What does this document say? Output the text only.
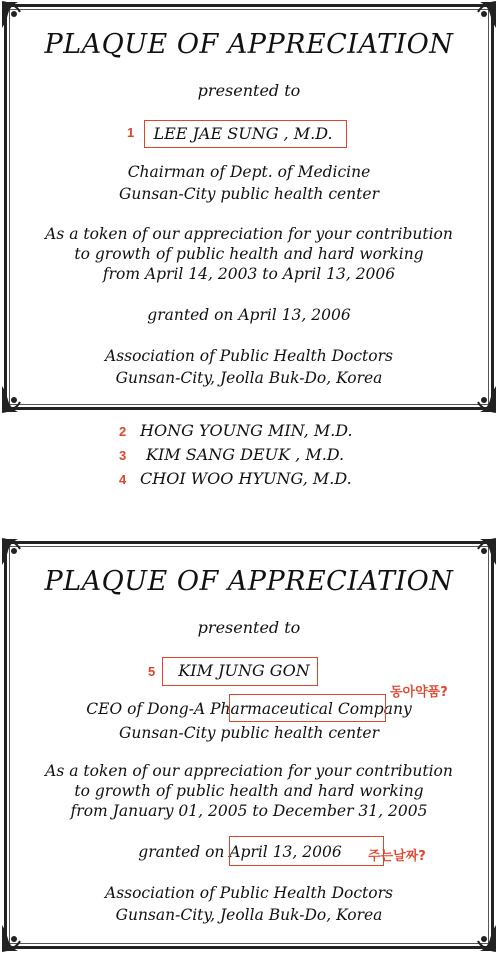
PLAQUE OF APPRECIATION
presented to
1	LEE JAE SUNG , M.D.
Chairman of Dept. of Medicine
Gunsan-City public health center
As a token of our appreciation for your contribution
to growth of public health and hard working
from April 14, 2003 to April 13, 2006
granted on April 13, 2006
Association of Public Health Doctors
Gunsan-City, Jeolla Buk-Do, Korea
2 HONG YOUNG MIN, M.D.
3 KIM SANG DEUK , M.D.
4 CHOI WOO HYUNG, M.D.
PLAQUE OF APPRECIATION
presented to
5	KIM JUNG GON
CEO of Dong-A Pharmaceutical Company
동아약품?
Gunsan-City public health center
As a token of our appreciation for your contribution
to growth of public health and hard working
from January 01, 2005 to December 31, 2005
granted on April 13, 2006	주는날짜?
Association of Public Health Doctors
Gunsan-City, Jeolla Buk-Do, Korea
